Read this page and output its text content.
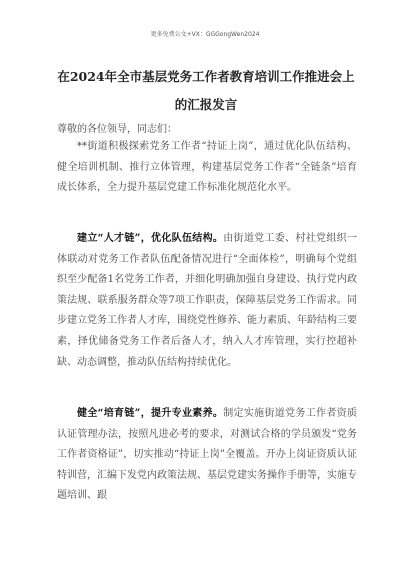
更多免费公文+VX：GGGongWen2024
在2024年全市基层党务工作者教育培训工作推进会上的汇报发言
尊敬的各位领导，同志们：

**街道积极探索党务工作者“持证上岗”，通过优化队伍结构、健全培训机制、推行立体管理，构建基层党务工作者“全链条”培育成长体系，全力提升基层党建工作标准化规范化水平。

建立“人才链”，优化队伍结构。由街道党工委、村社党组织一体联动对党务工作者队伍配备情况进行“全面体检”，明确每个党组织至少配备1名党务工作者，并细化明确加强自身建设、执行党内政策法规、联系服务群众等7项工作职责，保障基层党务工作需求。同步建立党务工作者人才库，围绕党性修养、能力素质、年龄结构三要素，择优储备党务工作者后备人才，纳入人才库管理，实行控超补缺、动态调整，推动队伍结构持续优化。

健全“培育链”，提升专业素养。制定实施街道党务工作者资质认证管理办法，按照凡进必考的要求，对测试合格的学员颁发“党务工作者资格证”，切实推动“持证上岗”全覆盖。开办上岗证资质认证特训营，汇编下发党内政策法规、基层党建实务操作手册等，实施专题培训、跟
